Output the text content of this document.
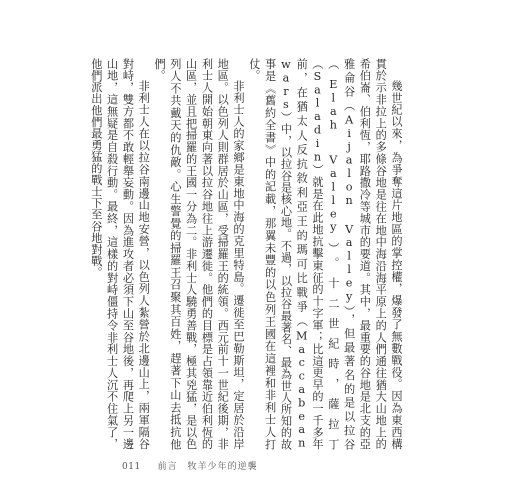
幾世紀以來，為爭奪這片地區的掌控權，爆發了無數戰役。因為東西構貫於示非拉上的多條谷地是往在地中海沿海平原上的人們通往猶大山地上的希伯崙、伯利恆，耶路撒冷等城市的要道。其中，最重要的谷地是北支的亞雅侖谷（Aijalon Valley），但最著名的是以拉谷（Elah Valley）。十二世紀時，薩拉丁（Saladin）就是在此地抗擊東征的十字軍；比這更早的一千多年前，在猶太人反抗敘利亞王的瑪可比戰爭（Maccabean wars）中，以拉谷是核心地。不過，以拉谷最著名、最為世人所知的故事是《舊約全書》中的記載，那翼未豐的以色列王國在這裡和非利士人打仗。

非利士人的家鄉是東地中海的克里特島。遷徙至巴勒斯坦，定居於沿岸地區。以色列人則群居於山區，受掃羅王的統領。西元前十一世紀後期，非利士人開始朝東向著以拉谷地往上游遷徙。他們的目標是占領靠近伯利恆的山區，並且把掃羅的王國一分為二。非利士人驍勇善戰，極其兇猛，是以色列人不共戴天的仇敵。心生警覺的掃羅王召聚其百姓，趕著下山去抵抗他們。

非利士人在以拉谷南邊山地安營，以色列人紮營於北邊山上，兩軍隔谷對峙，雙方都不敢輕舉妄動。因為進攻者必須下山至谷地後，再爬上另一邊山地，這無疑是自殺行動。最終，這樣的對峙僵持令非利士人沉不住氣了，他們派出他們最勇猛的戰士下至谷地對戰。

011 前言　牧羊少年的逆襲
